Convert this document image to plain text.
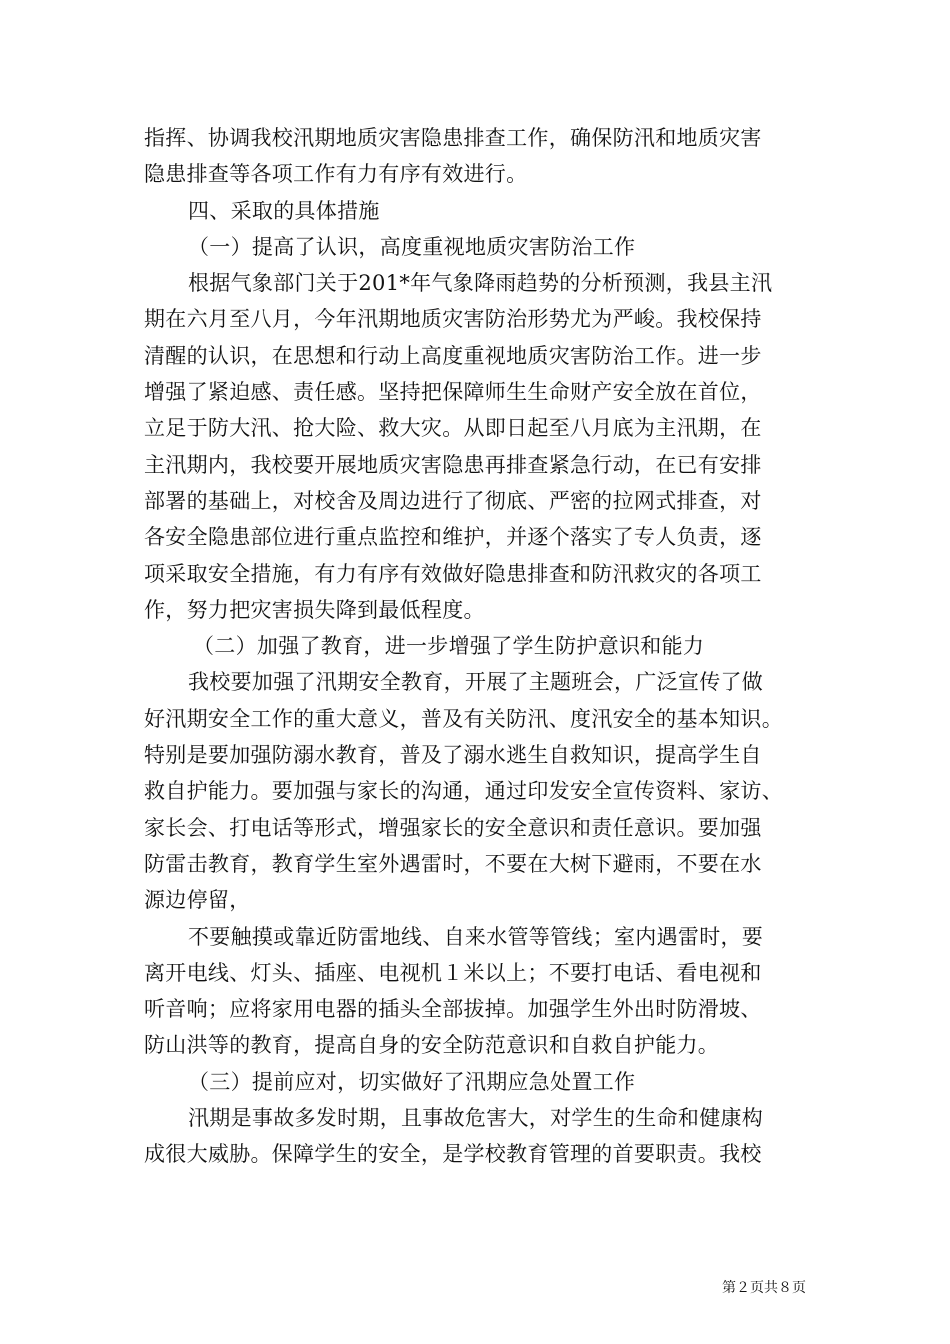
指挥、协调我校汛期地质灾害隐患排查工作，确保防汛和地质灾害
隐患排查等各项工作有力有序有效进行。
四、采取的具体措施
（一）提高了认识，高度重视地质灾害防治工作
根据气象部门关于201*年气象降雨趋势的分析预测，我县主汛
期在六月至八月，今年汛期地质灾害防治形势尤为严峻。我校保持
清醒的认识，在思想和行动上高度重视地质灾害防治工作。进一步
增强了紧迫感、责任感。坚持把保障师生生命财产安全放在首位，
立足于防大汛、抢大险、救大灾。从即日起至八月底为主汛期，在
主汛期内，我校要开展地质灾害隐患再排查紧急行动，在已有安排
部署的基础上，对校舍及周边进行了彻底、严密的拉网式排查，对
各安全隐患部位进行重点监控和维护，并逐个落实了专人负责，逐
项采取安全措施，有力有序有效做好隐患排查和防汛救灾的各项工
作，努力把灾害损失降到最低程度。
（二）加强了教育，进一步增强了学生防护意识和能力
我校要加强了汛期安全教育，开展了主题班会，广泛宣传了做
好汛期安全工作的重大意义，普及有关防汛、度汛安全的基本知识。
特别是要加强防溺水教育，普及了溺水逃生自救知识，提高学生自
救自护能力。要加强与家长的沟通，通过印发安全宣传资料、家访、
家长会、打电话等形式，增强家长的安全意识和责任意识。要加强
防雷击教育，教育学生室外遇雷时，不要在大树下避雨，不要在水
源边停留，
不要触摸或靠近防雷地线、自来水管等管线；室内遇雷时，要
离开电线、灯头、插座、电视机１米以上；不要打电话、看电视和
听音响；应将家用电器的插头全部拔掉。加强学生外出时防滑坡、
防山洪等的教育，提高自身的安全防范意识和自救自护能力。
（三）提前应对，切实做好了汛期应急处置工作
汛期是事故多发时期，且事故危害大，对学生的生命和健康构
成很大威胁。保障学生的安全，是学校教育管理的首要职责。我校
第２页共８页
